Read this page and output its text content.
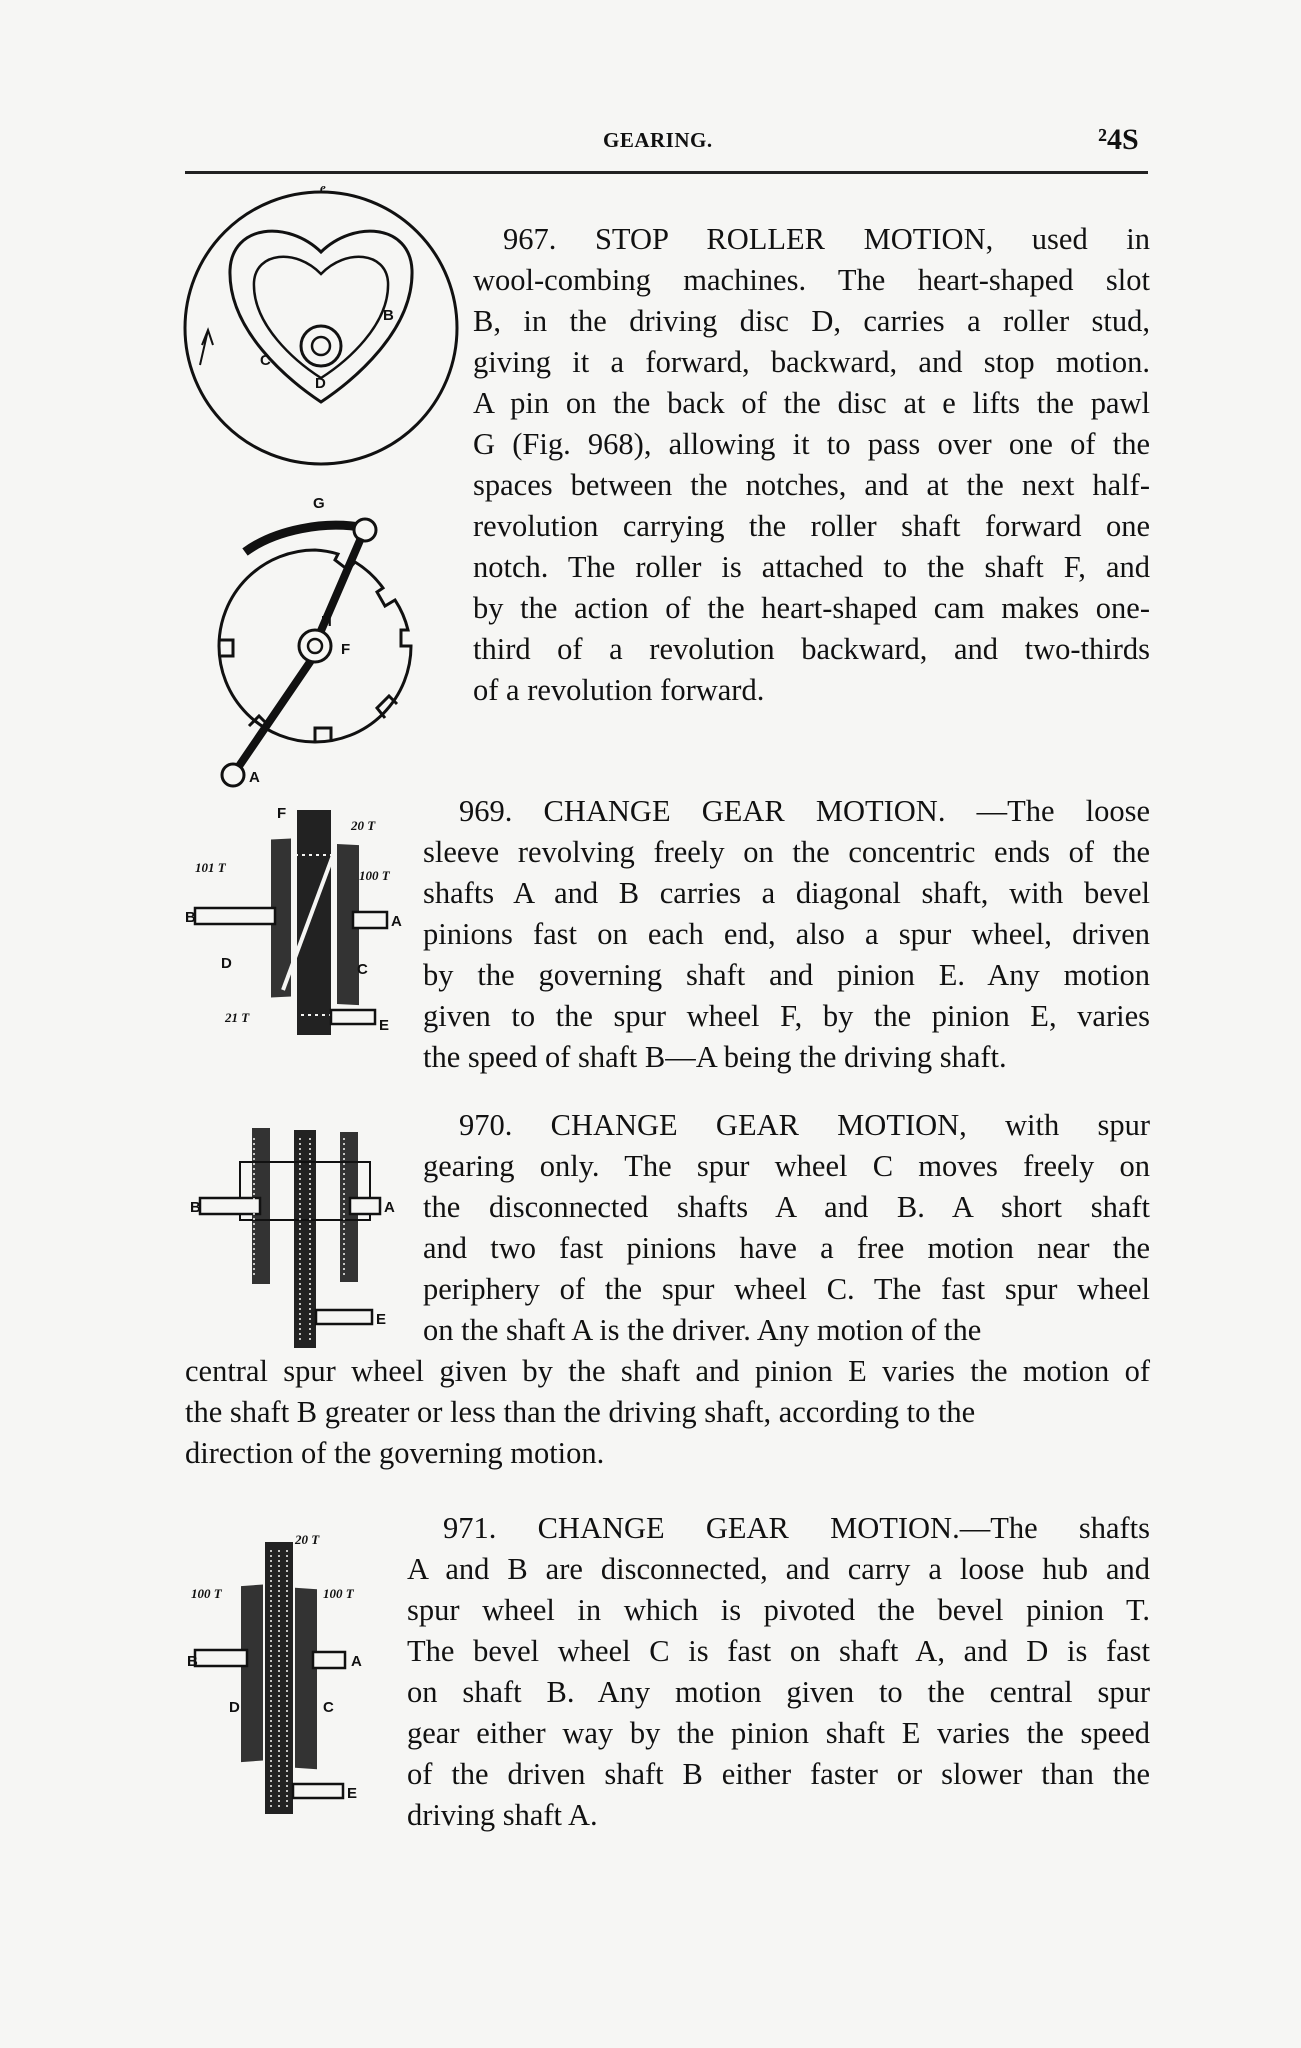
GEARING.	²4S
e
B
C
D
G
H
F
A
F
20 T
101 T
100 T
B	A
D	C
21 T	E
B	A
E
20 T
100 T	100 T
B	A
D	C
E
967. STOP ROLLER MOTION, used in
wool-combing machines. The heart-shaped slot
B, in the driving disc D, carries a roller stud,
giving it a forward, backward, and stop motion.
A pin on the back of the disc at e lifts the pawl
G (Fig. 968), allowing it to pass over one of the
spaces between the notches, and at the next half-
revolution carrying the roller shaft forward one
notch. The roller is attached to the shaft F, and
by the action of the heart-shaped cam makes one-
third of a revolution backward, and two-thirds
of a revolution forward.
969. CHANGE GEAR MOTION. —The loose
sleeve revolving freely on the concentric ends of the
shafts A and B carries a diagonal shaft, with bevel
pinions fast on each end, also a spur wheel, driven
by the governing shaft and pinion E. Any motion
given to the spur wheel F, by the pinion E, varies
the speed of shaft B—A being the driving shaft.
970. CHANGE GEAR MOTION, with spur
gearing only. The spur wheel C moves freely on
the disconnected shafts A and B. A short shaft
and two fast pinions have a free motion near the
periphery of the spur wheel C. The fast spur wheel
on the shaft A is the driver. Any motion of the
central spur wheel given by the shaft and pinion E varies the motion of
the shaft B greater or less than the driving shaft, according to the
direction of the governing motion.
971. CHANGE GEAR MOTION.—The shafts
A and B are disconnected, and carry a loose hub and
spur wheel in which is pivoted the bevel pinion T.
The bevel wheel C is fast on shaft A, and D is fast
on shaft B. Any motion given to the central spur
gear either way by the pinion shaft E varies the speed
of the driven shaft B either faster or slower than the
driving shaft A.
